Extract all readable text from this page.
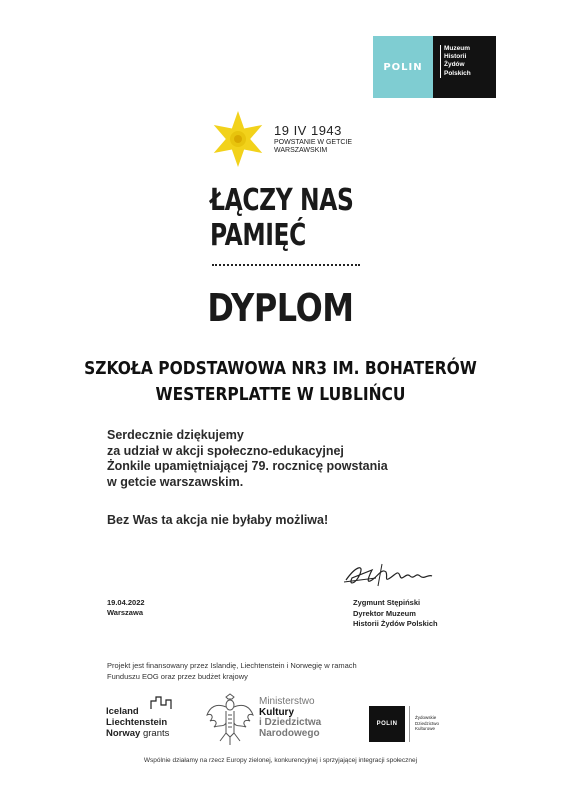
POLIN
Muzeum
Historii
Żydów
Polskich
19 IV 1943
POWSTANIE W GETCIE
WARSZAWSKIM
ŁĄCZY NAS
PAMIĘĆ
DYPLOM
SZKOŁA PODSTAWOWA NR3 IM. BOHATERÓW WESTERPLATTE W LUBLIŃCU
Serdecznie dziękujemy
za udział w akcji społeczno-edukacyjnej
Żonkile upamiętniającej 79. rocznicę powstania
w getcie warszawskim.
Bez Was ta akcja nie byłaby możliwa!
19.04.2022
Warszawa
Zygmunt Stępiński
Dyrektor Muzeum
Historii Żydów Polskich
Projekt jest finansowany przez Islandię, Liechtenstein i Norwegię w ramach
Funduszu EOG oraz przez budżet krajowy
Iceland
Liechtenstein
Norway grants
Ministerstwo
Kultury
i Dziedzictwa
Narodowego
POLIN
Żydowskie
Dziedzictwo
Kulturowe
Wspólnie działamy na rzecz Europy zielonej, konkurencyjnej i sprzyjającej integracji społecznej
